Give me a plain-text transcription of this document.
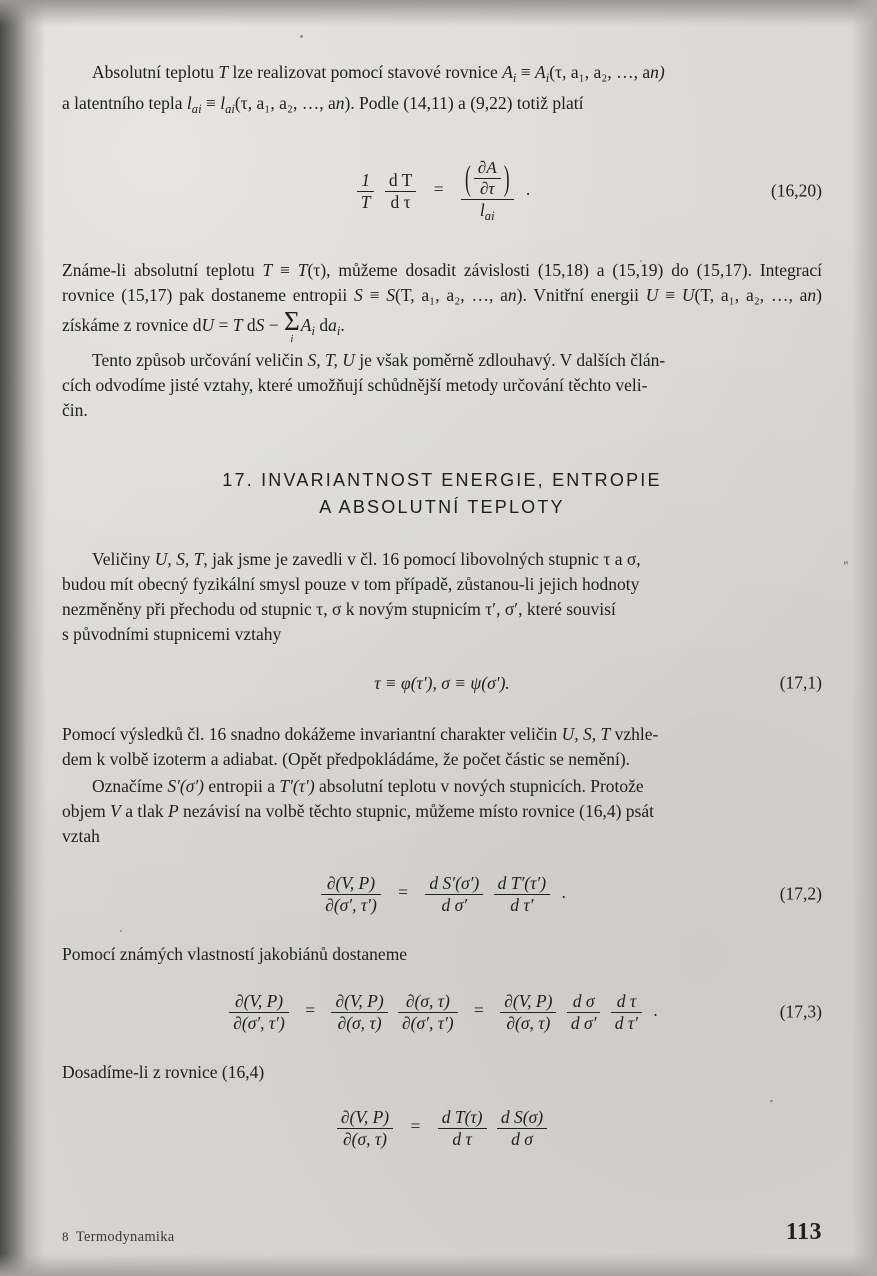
''

Absolutní teplotu T lze realizovat pomocí stavové rovnice $A_i \equiv A_i(\tau$, a₁, a₂, …, an)
a latentního tepla $l_{ai} \equiv l_{ai}(\tau$, a₁, a₂, …, an). Podle (14,11) a (9,22) totiž platí

$\frac{1}{T}$
$\frac{\text{d T}}{\text{d τ}} = \frac{( \frac{\partial A}{\partial\tau} )}{l_{ai}}$ .	(16,20)

Známe-li absolutní teplotu T ≡ T(τ), můžeme dosadit závislosti (15,18) a (15,19) do (15,17). Integrací rovnice (15,17) pak dostaneme entropii S ≡ S(T, a₁, a₂, …, an). Vnitřní energii U ≡ U(T, a₁, a₂, …, an) získáme z rovnice dU = T dS − Σ
i
$A_i$ $da_i$.

Tento způsob určování veličin S, T, U je však poměrně zdlouhavý. V dalších člán-
cích odvodíme jisté vztahy, které umožňují schůdnější metody určování těchto veli-
čin.

17. INVARIANTNOST ENERGIE, ENTROPIE
A ABSOLUTNÍ TEPLOTY

Veličiny U, S, T, jak jsme je zavedli v čl. 16 pomocí libovolných stupnic τ a σ,
budou mít obecný fyzikální smysl pouze v tom případě, zůstanou-li jejich hodnoty
nezměněny při přechodu od stupnic τ, σ k novým stupnicím τ′, σ′, které souvisí
s původními stupnicemi vztahy

τ ≡ φ(τ′), σ ≡ ψ(σ′).	(17,1)

Pomocí výsledků čl. 16 snadno dokážeme invariantní charakter veličin U, S, T vzhle-
dem k volbě izoterm a adiabat. (Opět předpokládáme, že počet částic se nemění).

Označíme S′(σ′) entropii a T′(τ′) absolutní teplotu v nových stupnicích. Protože
objem V a tlak P nezávisí na volbě těchto stupnic, můžeme místo rovnice (16,4) psát
vztah

$\frac{\partial(V, P)}{\partial(\sigma', \tau')} = \frac{\text{d S′(σ′)}}{\text{d σ′}}$
$\frac{\text{d T′(τ′)}}{\text{d τ′}}$ .	(17,2)

Pomocí známých vlastností jakobiánů dostaneme

$\frac{\partial(V, P)}{\partial(\sigma', \tau')} = \frac{\partial(V, P)}{\partial(\sigma, \tau)}$
$\frac{\partial(\sigma, \tau)}{\partial(\sigma', \tau')} = \frac{\partial(V, P)}{\partial(\sigma, \tau)}$
$\frac{\text{d σ}}{\text{d σ′}}$
$\frac{\text{d τ}}{\text{d τ′}}$ .	(17,3)

Dosadíme-li z rovnice (16,4)

$\frac{\partial(V, P)}{\partial(\sigma, \tau)} = \frac{\text{d T(τ)}}{\text{d τ}}$
$\frac{\text{d S(σ)}}{\text{d σ}}$
8 Termodynamika	113
